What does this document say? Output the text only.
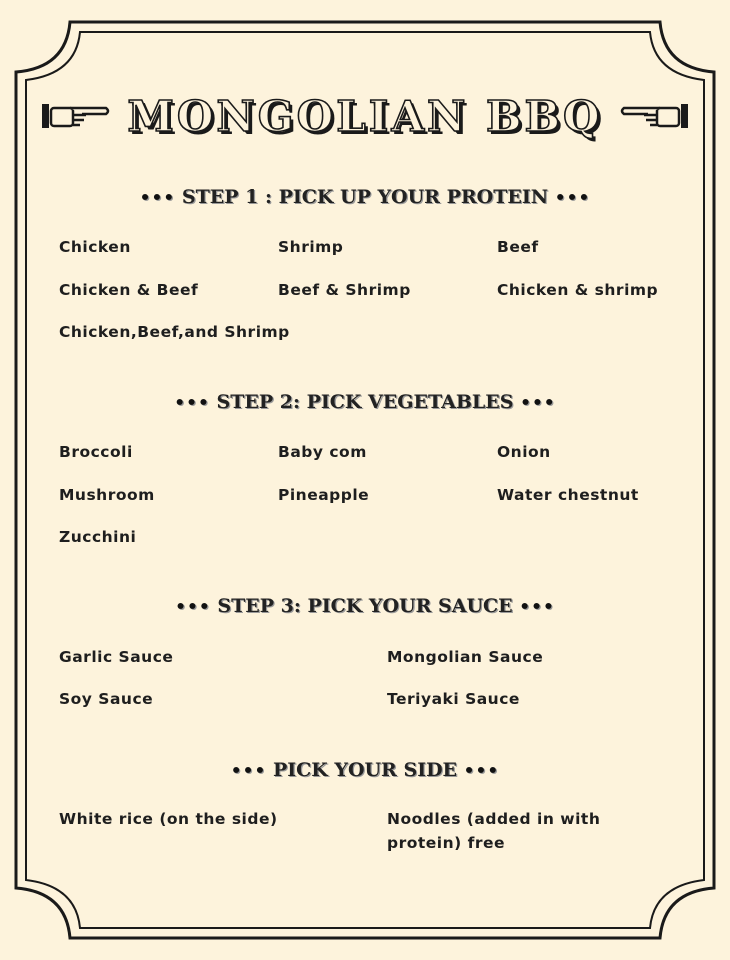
MONGOLIAN BBQ
••• STEP 1 : PICK UP YOUR PROTEIN •••
Chicken	Shrimp	Beef
Chicken & Beef	Beef & Shrimp	Chicken & shrimp
Chicken,Beef,and Shrimp
••• STEP 2: PICK VEGETABLES •••
Broccoli	Baby com	Onion
Mushroom	Pineapple	Water chestnut
Zucchini
••• STEP 3: PICK YOUR SAUCE •••
Garlic Sauce	Mongolian Sauce
Soy Sauce	Teriyaki Sauce
••• PICK YOUR SIDE •••
White rice (on the side)	Noodles (added in with protein) free
